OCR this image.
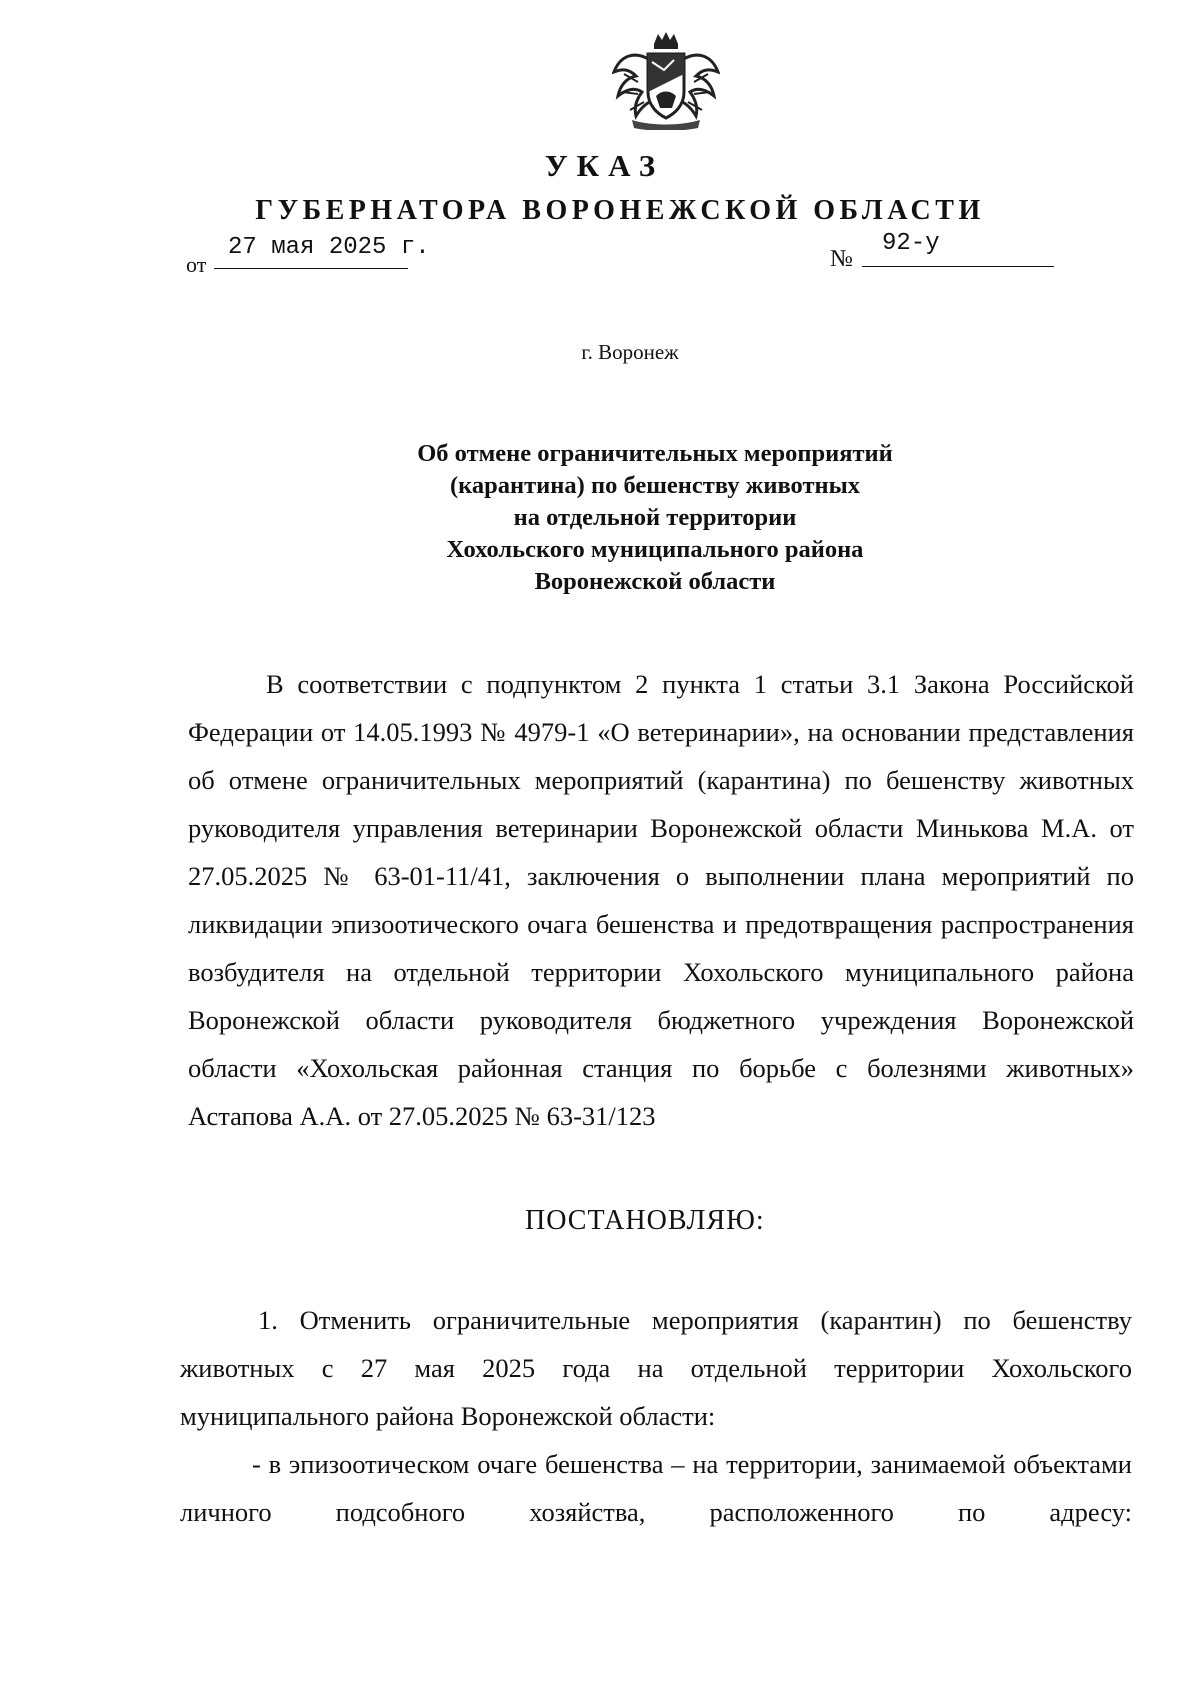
УКАЗ
ГУБЕРНАТОРА ВОРОНЕЖСКОЙ ОБЛАСТИ
от
27 мая 2025 г.	№
92-у
г. Воронеж
Об отмене ограничительных мероприятий
(карантина) по бешенству животных
на отдельной территории
Хохольского муниципального района
Воронежской области

В соответствии с подпунктом 2 пункта 1 статьи 3.1 Закона Российской Федерации от 14.05.1993 № 4979-1 «О ветеринарии», на основании представления об отмене ограничительных мероприятий (карантина) по бешенству животных руководителя управления ветеринарии Воронежской области Минькова М.А. от 27.05.2025 № 63-01-11/41, заключения о выполнении плана мероприятий по ликвидации эпизоотического очага бешенства и предотвращения распространения возбудителя на отдельной территории Хохольского муниципального района Воронежской области руководителя бюджетного учреждения Воронежской области «Хохольская районная станция по борьбе с болезнями животных» Астапова А.А. от 27.05.2025 № 63-31/123

ПОСТАНОВЛЯЮ:

1. Отменить ограничительные мероприятия (карантин) по бешенству животных с 27 мая 2025 года на отдельной территории Хохольского муниципального района Воронежской области:

- в эпизоотическом очаге бешенства – на территории, занимаемой объектами личного подсобного хозяйства, расположенного по адресу:
